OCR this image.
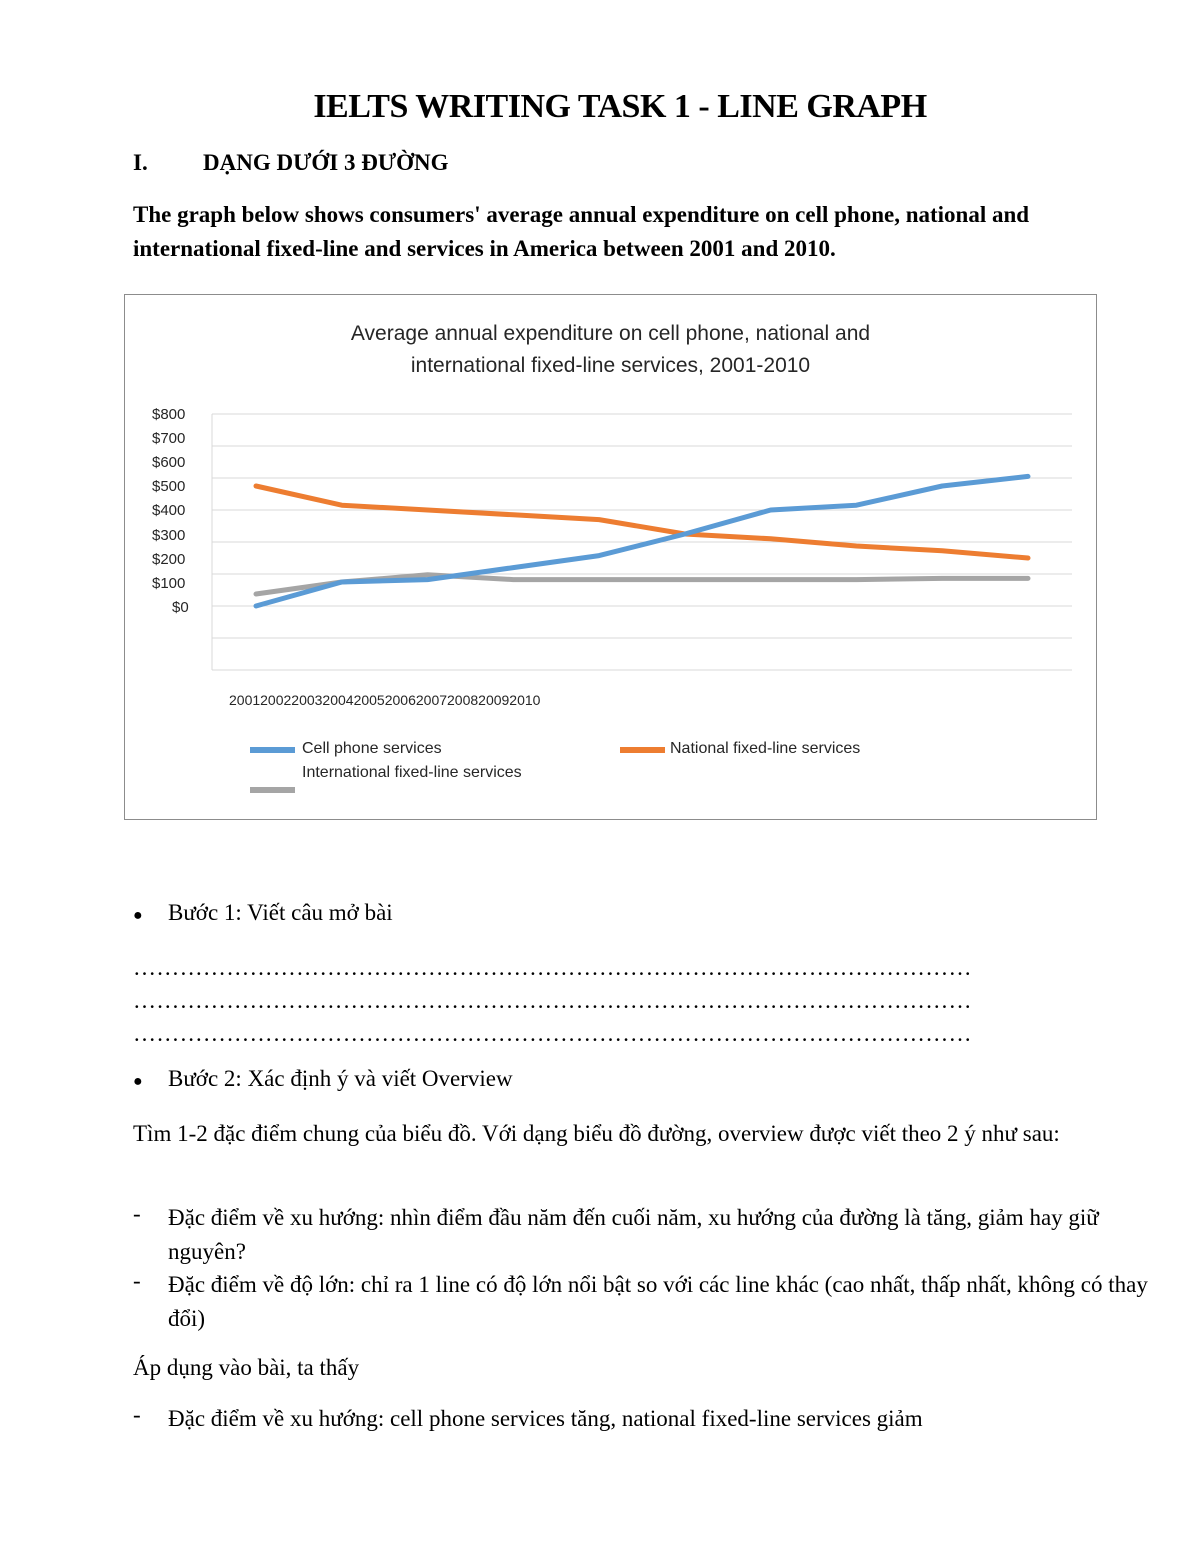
IELTS WRITING TASK 1 - LINE GRAPH
I. DẠNG DƯỚI 3 ĐƯỜNG
The graph below shows consumers' average annual expenditure on cell phone, national and international fixed-line and services in America between 2001 and 2010.
Average annual expenditure on cell phone, national and
international fixed-line services, 2001-2010
$800
$700
$600
$500
$400
$300
$200
$100
$0
2001200220032004200520062007200820092010
Cell phone services	National fixed-line services
International fixed-line services
● Bước 1: Viết câu mở bài
………………………………………………………………………………………………
………………………………………………………………………………………………
………………………………………………………………………………………………
● Bước 2: Xác định ý và viết Overview
Tìm 1-2 đặc điểm chung của biểu đồ. Với dạng biểu đồ đường, overview được viết theo 2 ý như sau:
- Đặc điểm về xu hướng: nhìn điểm đầu năm đến cuối năm, xu hướng của đường là tăng, giảm hay giữ nguyên?
- Đặc điểm về độ lớn: chỉ ra 1 line có độ lớn nổi bật so với các line khác (cao nhất, thấp nhất, không có thay đổi)
Áp dụng vào bài, ta thấy
- Đặc điểm về xu hướng: cell phone services tăng, national fixed-line services giảm
